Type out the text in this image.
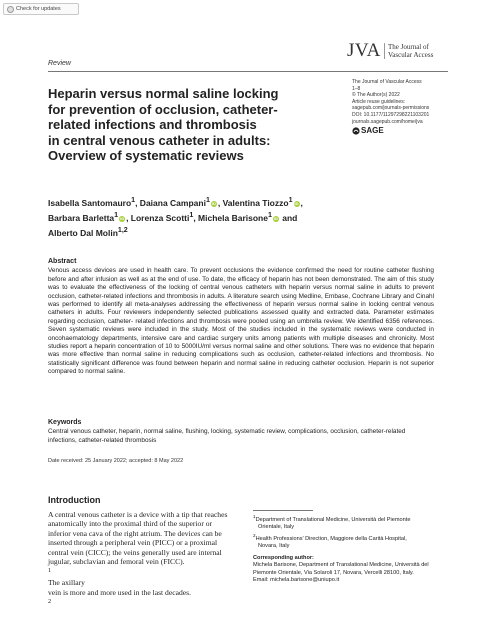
Check for updates
Review
JVA	The Journal of
Vascular Access
The Journal of Vascular Access
1–8
© The Author(s) 2022
Article reuse guidelines:
sagepub.com/journals-permissions
DOI: 10.1177/11297298221103201
journals.sagepub.com/home/jva
SAGE
Heparin versus normal saline locking
for prevention of occlusion, catheter-
related infections and thrombosis
in central venous catheter in adults:
Overview of systematic reviews
Isabella Santomauro$^1$, Daiana Campani$^1$ iD , Valentina Tiozzo$^1$ iD ,
Barbara Barletta$^1$ iD , Lorenza Scotti$^1$, Michela Barisone$^1$ iD and
Alberto Dal Molin$^{1,2}$
Abstract

Venous access devices are used in health care. To prevent occlusions the evidence confirmed the need for routine catheter flushing before and after infusion as well as at the end of use. To date, the efficacy of heparin has not been demonstrated. The aim of this study was to evaluate the effectiveness of the locking of central venous catheters with heparin versus normal saline in adults to prevent occlusion, catheter-related infections and thrombosis in adults. A literature search using Medline, Embase, Cochrane Library and Cinahl was performed to identify all meta-analyses addressing the effectiveness of heparin versus normal saline in locking central venous catheters in adults. Four reviewers independently selected publications assessed quality and extracted data. Parameter estimates regarding occlusion, catheter- related infections and thrombosis were pooled using an umbrella review. We identified 6356 references. Seven systematic reviews were included in the study. Most of the studies included in the systematic reviews were conducted in oncohaematology departments, intensive care and cardiac surgery units among patients with multiple diseases and chronicity. Most studies report a heparin concentration of 10 to 5000IU/ml versus normal saline and other solutions. There was no evidence that heparin was more effective than normal saline in reducing complications such as occlusion, catheter-related infections and thrombosis. No statistically significant difference was found between heparin and normal saline in reducing catheter occlusion. Heparin is not superior compared to normal saline.

Keywords

Central venous catheter, heparin, normal saline, flushing, locking, systematic review, complications, occlusion, catheter-related infections, catheter-related thrombosis

Date received: 25 January 2022; accepted: 8 May 2022
Introduction
A central venous catheter is a device with a tip that reaches
anatomically into the proximal third of the superior or
inferior vena cava of the right atrium. The devices can be
inserted through a peripheral vein (PICC) or a proximal
central vein (CICC); the veins generally used are internal
jugular, subclavian and femoral vein (FICC).
$^1$
The axillary
vein is more and more used in the last decades.
$^2$

$^1$Department of Translational Medicine, Università del Piemonte

Orientale, Italy

$^2$Health Professions’ Direction, Maggiore della Carità Hospital,

Novara, Italy

Corresponding author:

Michela Barisone, Department of Translational Medicine, Università del

Piemonte Orientale, Via Solaroli 17, Novara, Vercelli 28100, Italy.

Email: michela.barisone@uniupo.it
